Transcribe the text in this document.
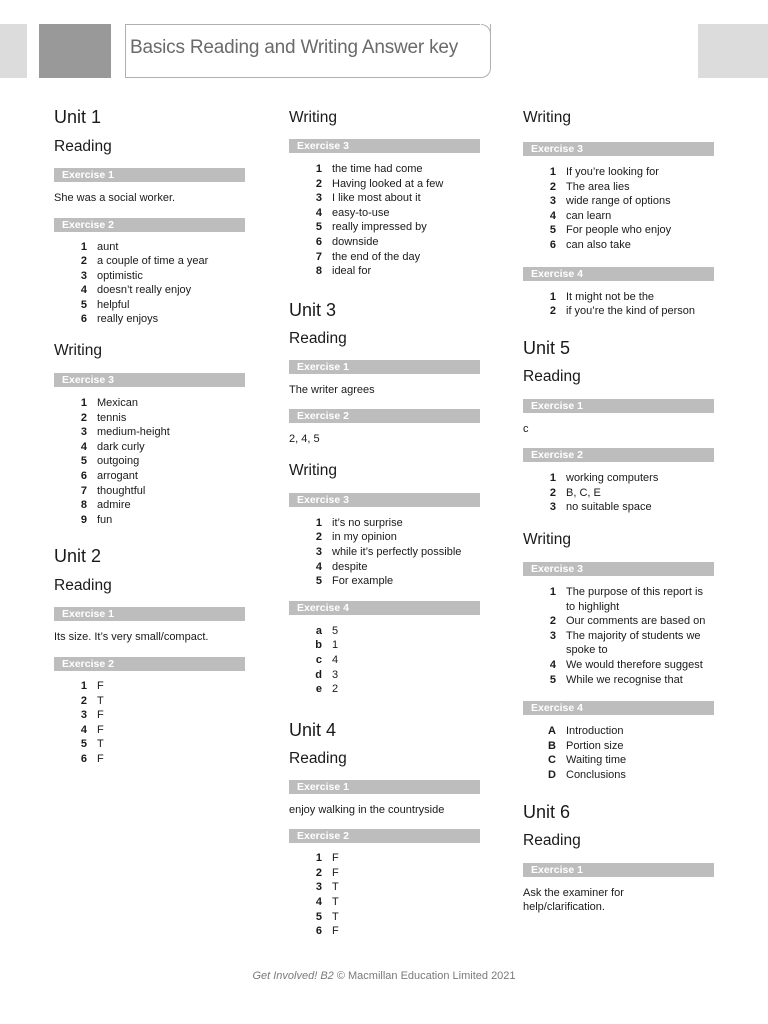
Basics Reading and Writing Answer key
Unit 1
Reading
Exercise 1
She was a social worker.
Exercise 2
1 aunt
2 a couple of time a year
3 optimistic
4 doesn’t really enjoy
5 helpful
6 really enjoys
Writing
Exercise 3
1 Mexican
2 tennis
3 medium-height
4 dark curly
5 outgoing
6 arrogant
7 thoughtful
8 admire
9 fun
Unit 2
Reading
Exercise 1
Its size. It’s very small/compact.
Exercise 2
1 F
2 T
3 F
4 F
5 T
6 F
Writing
Exercise 3
1 the time had come
2 Having looked at a few
3 I like most about it
4 easy-to-use
5 really impressed by
6 downside
7 the end of the day
8 ideal for
Unit 3
Reading
Exercise 1
The writer agrees
Exercise 2
2, 4, 5
Writing
Exercise 3
1 it’s no surprise
2 in my opinion
3 while it’s perfectly possible
4 despite
5 For example
Exercise 4
a 5
b 1
c 4
d 3
e 2
Unit 4
Reading
Exercise 1
enjoy walking in the countryside
Exercise 2
1 F
2 F
3 T
4 T
5 T
6 F
Writing
Exercise 3
1 If you’re looking for
2 The area lies
3 wide range of options
4 can learn
5 For people who enjoy
6 can also take
Exercise 4
1 It might not be the
2 if you’re the kind of person
Unit 5
Reading
Exercise 1
c
Exercise 2
1 working computers
2 B, C, E
3 no suitable space
Writing
Exercise 3
1 The purpose of this report is to highlight
2 Our comments are based on
3 The majority of students we spoke to
4 We would therefore suggest
5 While we recognise that
Exercise 4
A Introduction
B Portion size
C Waiting time
D Conclusions
Unit 6
Reading
Exercise 1
Ask the examiner for help/clarification.
Get Involved! B2 © Macmillan Education Limited 2021
